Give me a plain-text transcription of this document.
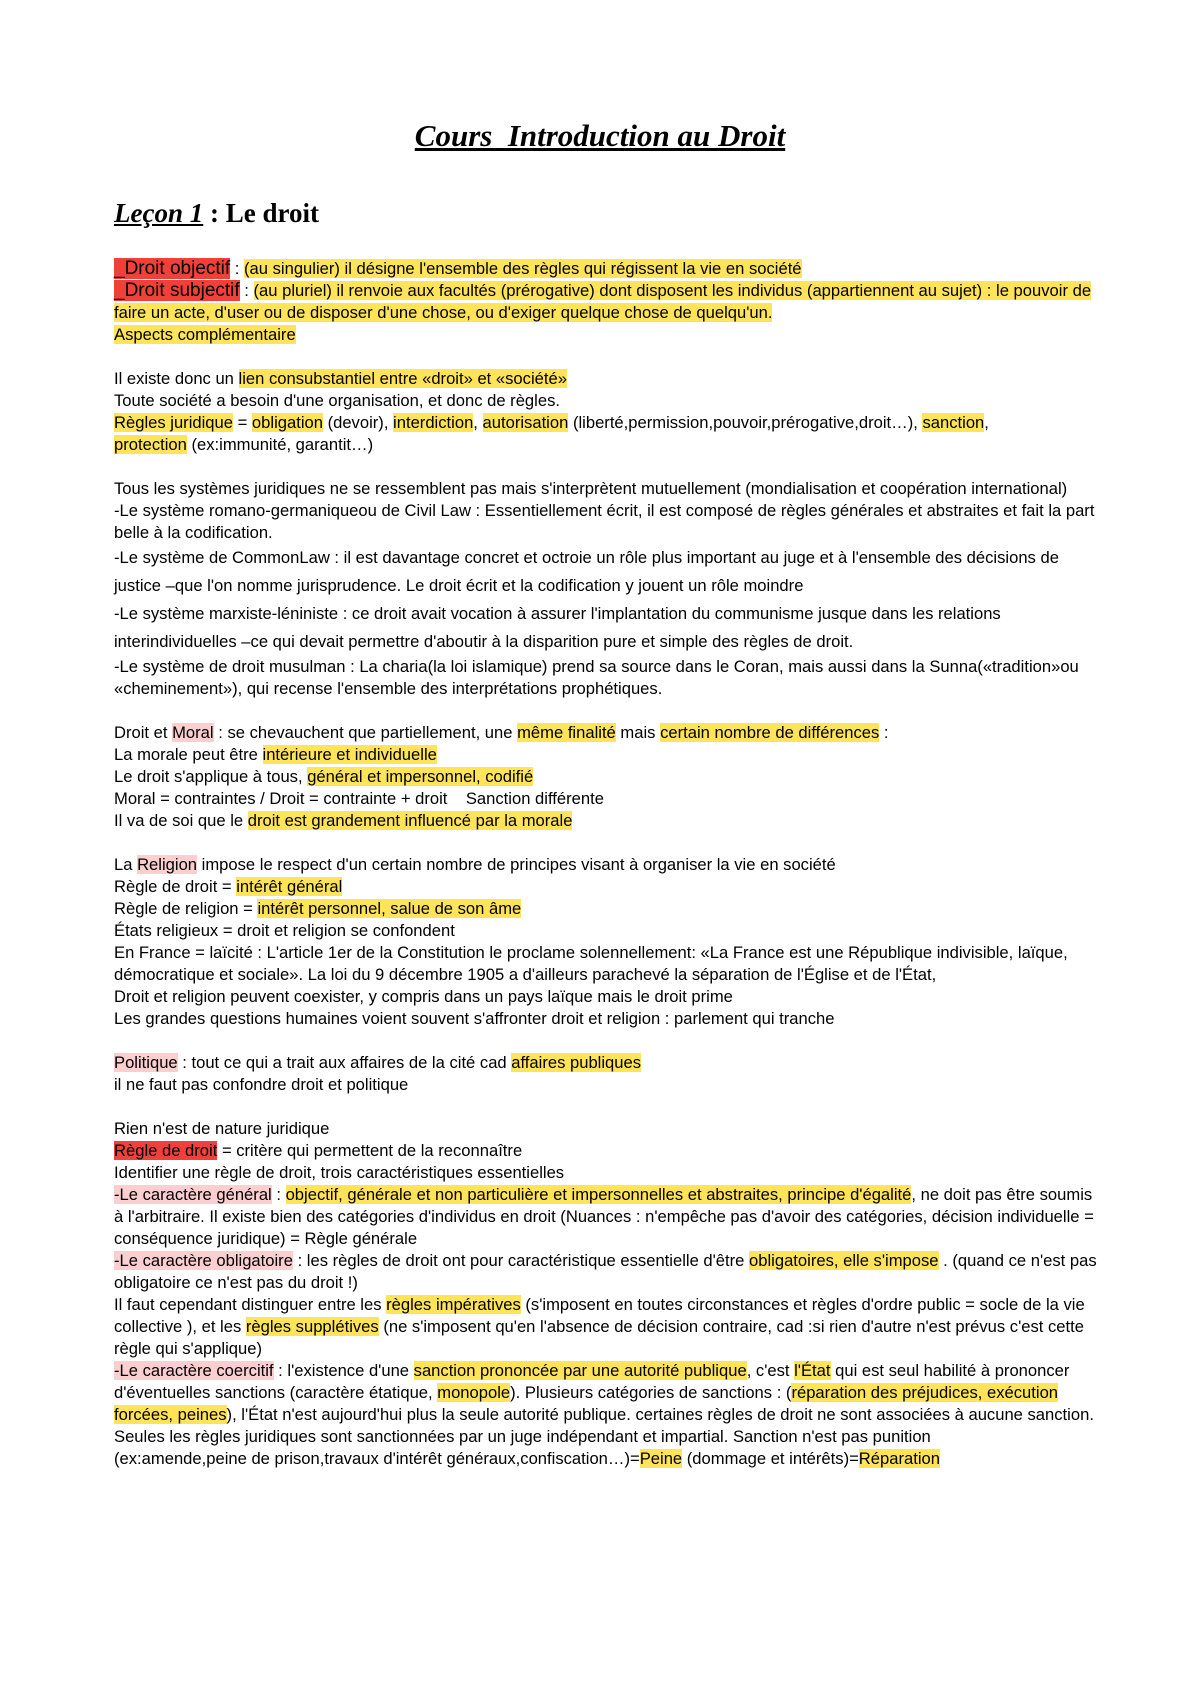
Cours_Introduction au Droit
Leçon 1 : Le droit

_Droit objectif : (au singulier) il désigne l'ensemble des règles qui régissent la vie en société

_Droit subjectif : (au pluriel) il renvoie aux facultés (prérogative) dont disposent les individus (appartiennent au sujet) : le pouvoir de faire un acte, d'user ou de disposer d'une chose, ou d'exiger quelque chose de quelqu'un.

Aspects complémentaire

Il existe donc un lien consubstantiel entre «droit» et «société»

Toute société a besoin d'une organisation, et donc de règles.

Règles juridique = obligation (devoir), interdiction, autorisation (liberté,permission,pouvoir,prérogative,droit…), sanction,
protection (ex:immunité, garantit…)

Tous les systèmes juridiques ne se ressemblent pas mais s'interprètent mutuellement (mondialisation et coopération international)

-Le système romano-germaniqueou de Civil Law : Essentiellement écrit, il est composé de règles générales et abstraites et fait la part belle à la codification.

-Le système de CommonLaw : il est davantage concret et octroie un rôle plus important au juge et à l'ensemble des décisions de justice –que l'on nomme jurisprudence. Le droit écrit et la codification y jouent un rôle moindre

-Le système marxiste-léniniste : ce droit avait vocation à assurer l'implantation du communisme jusque dans les relations interindividuelles –ce qui devait permettre d'aboutir à la disparition pure et simple des règles de droit.

-Le système de droit musulman : La charia(la loi islamique) prend sa source dans le Coran, mais aussi dans la Sunna(«tradition»ou «cheminement»), qui recense l'ensemble des interprétations prophétiques.

Droit et Moral : se chevauchent que partiellement, une même finalité mais certain nombre de différences :

La morale peut être intérieure et individuelle

Le droit s'applique à tous, général et impersonnel, codifié

Moral = contraintes / Droit = contrainte + droit    Sanction différente

Il va de soi que le droit est grandement influencé par la morale

La Religion impose le respect d'un certain nombre de principes visant à organiser la vie en société

Règle de droit = intérêt général

Règle de religion = intérêt personnel, salue de son âme

États religieux = droit et religion se confondent

En France = laïcité : L'article 1er de la Constitution le proclame solennellement: «La France est une République indivisible, laïque, démocratique et sociale». La loi du 9 décembre 1905 a d'ailleurs parachevé la séparation de l'Église et de l'État,

Droit et religion peuvent coexister, y compris dans un pays laïque mais le droit prime

Les grandes questions humaines voient souvent s'affronter droit et religion : parlement qui tranche

Politique : tout ce qui a trait aux affaires de la cité cad affaires publiques

il ne faut pas confondre droit et politique

Rien n'est de nature juridique

Règle de droit = critère qui permettent de la reconnaître

Identifier une règle de droit, trois caractéristiques essentielles

-Le caractère général : objectif, générale et non particulière et impersonnelles et abstraites, principe d'égalité, ne doit pas être soumis à l'arbitraire. Il existe bien des catégories d'individus en droit (Nuances : n'empêche pas d'avoir des catégories, décision individuelle = conséquence juridique) = Règle générale

-Le caractère obligatoire : les règles de droit ont pour caractéristique essentielle d'être obligatoires, elle s'impose . (quand ce n'est pas obligatoire ce n'est pas du droit !)

Il faut cependant distinguer entre les règles impératives (s'imposent en toutes circonstances et règles d'ordre public = socle de la vie collective ), et les règles supplétives (ne s'imposent qu'en l'absence de décision contraire, cad :si rien d'autre n'est prévus c'est cette règle qui s'applique)

-Le caractère coercitif : l'existence d'une sanction prononcée par une autorité publique, c'est l'État qui est seul habilité à prononcer d'éventuelles sanctions (caractère étatique, monopole). Plusieurs catégories de sanctions : (réparation des préjudices, exécution forcées, peines), l'État n'est aujourd'hui plus la seule autorité publique. certaines règles de droit ne sont associées à aucune sanction. Seules les règles juridiques sont sanctionnées par un juge indépendant et impartial. Sanction n'est pas punition

(ex:amende,peine de prison,travaux d'intérêt généraux,confiscation…)=Peine (dommage et intérêts)=Réparation
